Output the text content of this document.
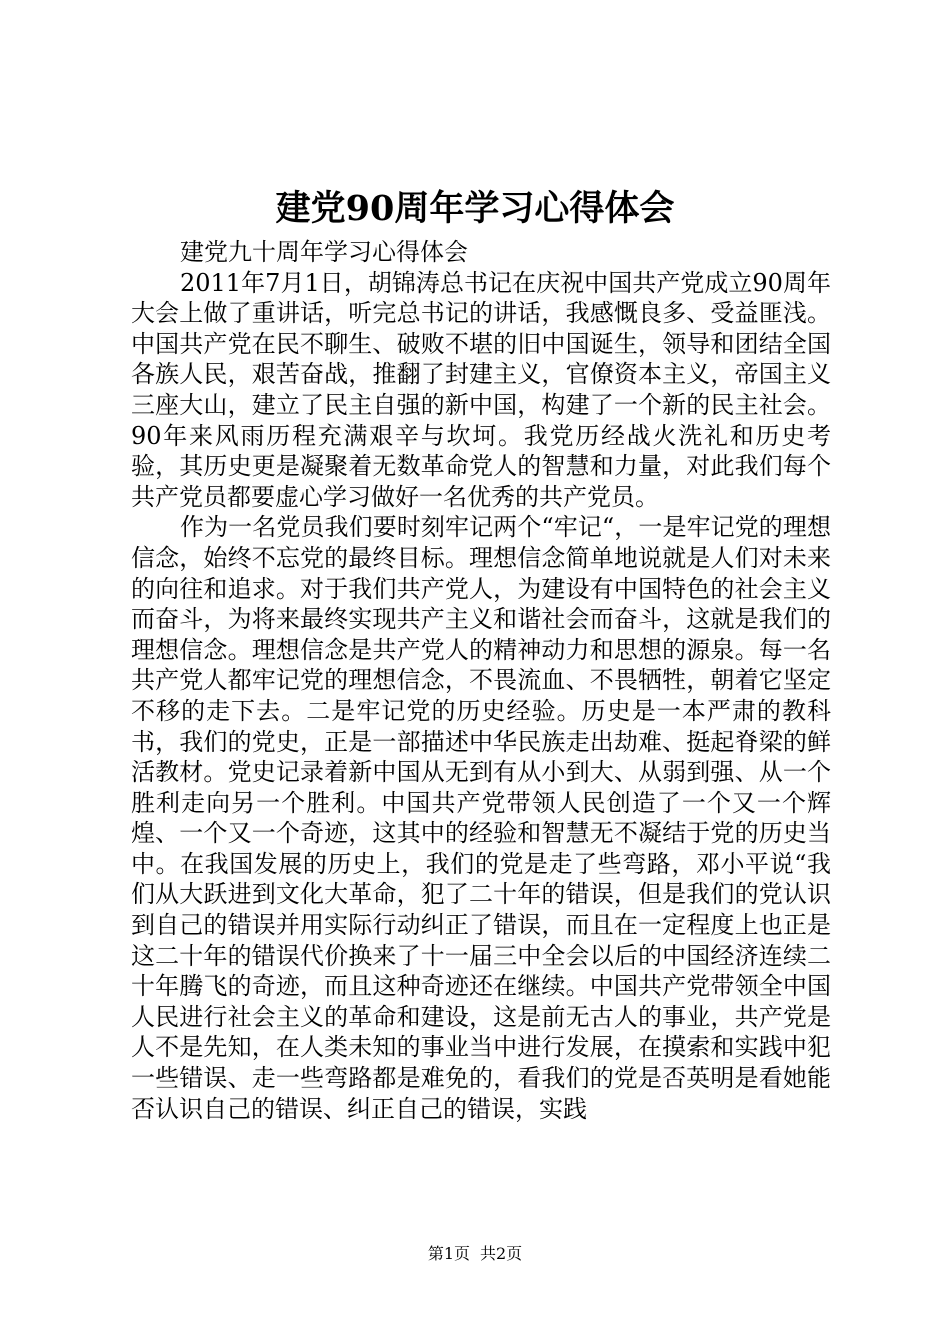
建党90周年学习心得体会

建党九十周年学习心得体会

2011年7月1日，胡锦涛总书记在庆祝中国共产党成立90周年大会上做了重讲话，听完总书记的讲话，我感慨良多、受益匪浅。中国共产党在民不聊生、破败不堪的旧中国诞生，领导和团结全国各族人民，艰苦奋战，推翻了封建主义，官僚资本主义，帝国主义三座大山，建立了民主自强的新中国，构建了一个新的民主社会。90年来风雨历程充满艰辛与坎坷。我党历经战火洗礼和历史考验，其历史更是凝聚着无数革命党人的智慧和力量，对此我们每个共产党员都要虚心学习做好一名优秀的共产党员。

作为一名党员我们要时刻牢记两个“牢记“，一是牢记党的理想信念，始终不忘党的最终目标。理想信念简单地说就是人们对未来的向往和追求。对于我们共产党人，为建设有中国特色的社会主义而奋斗，为将来最终实现共产主义和谐社会而奋斗，这就是我们的理想信念。理想信念是共产党人的精神动力和思想的源泉。每一名共产党人都牢记党的理想信念，不畏流血、不畏牺牲，朝着它坚定不移的走下去。二是牢记党的历史经验。历史是一本严肃的教科书，我们的党史，正是一部描述中华民族走出劫难、挺起脊梁的鲜活教材。党史记录着新中国从无到有从小到大、从弱到强、从一个胜利走向另一个胜利。中国共产党带领人民创造了一个又一个辉煌、一个又一个奇迹，这其中的经验和智慧无不凝结于党的历史当中。在我国发展的历史上，我们的党是走了些弯路，邓小平说“我们从大跃进到文化大革命，犯了二十年的错误，但是我们的党认识到自己的错误并用实际行动纠正了错误，而且在一定程度上也正是这二十年的错误代价换来了十一届三中全会以后的中国经济连续二十年腾飞的奇迹，而且这种奇迹还在继续。中国共产党带领全中国人民进行社会主义的革命和建设，这是前无古人的事业，共产党是人不是先知，在人类未知的事业当中进行发展，在摸索和实践中犯一些错误、走一些弯路都是难免的，看我们的党是否英明是看她能否认识自己的错误、纠正自己的错误，实践

第1页 共2页
